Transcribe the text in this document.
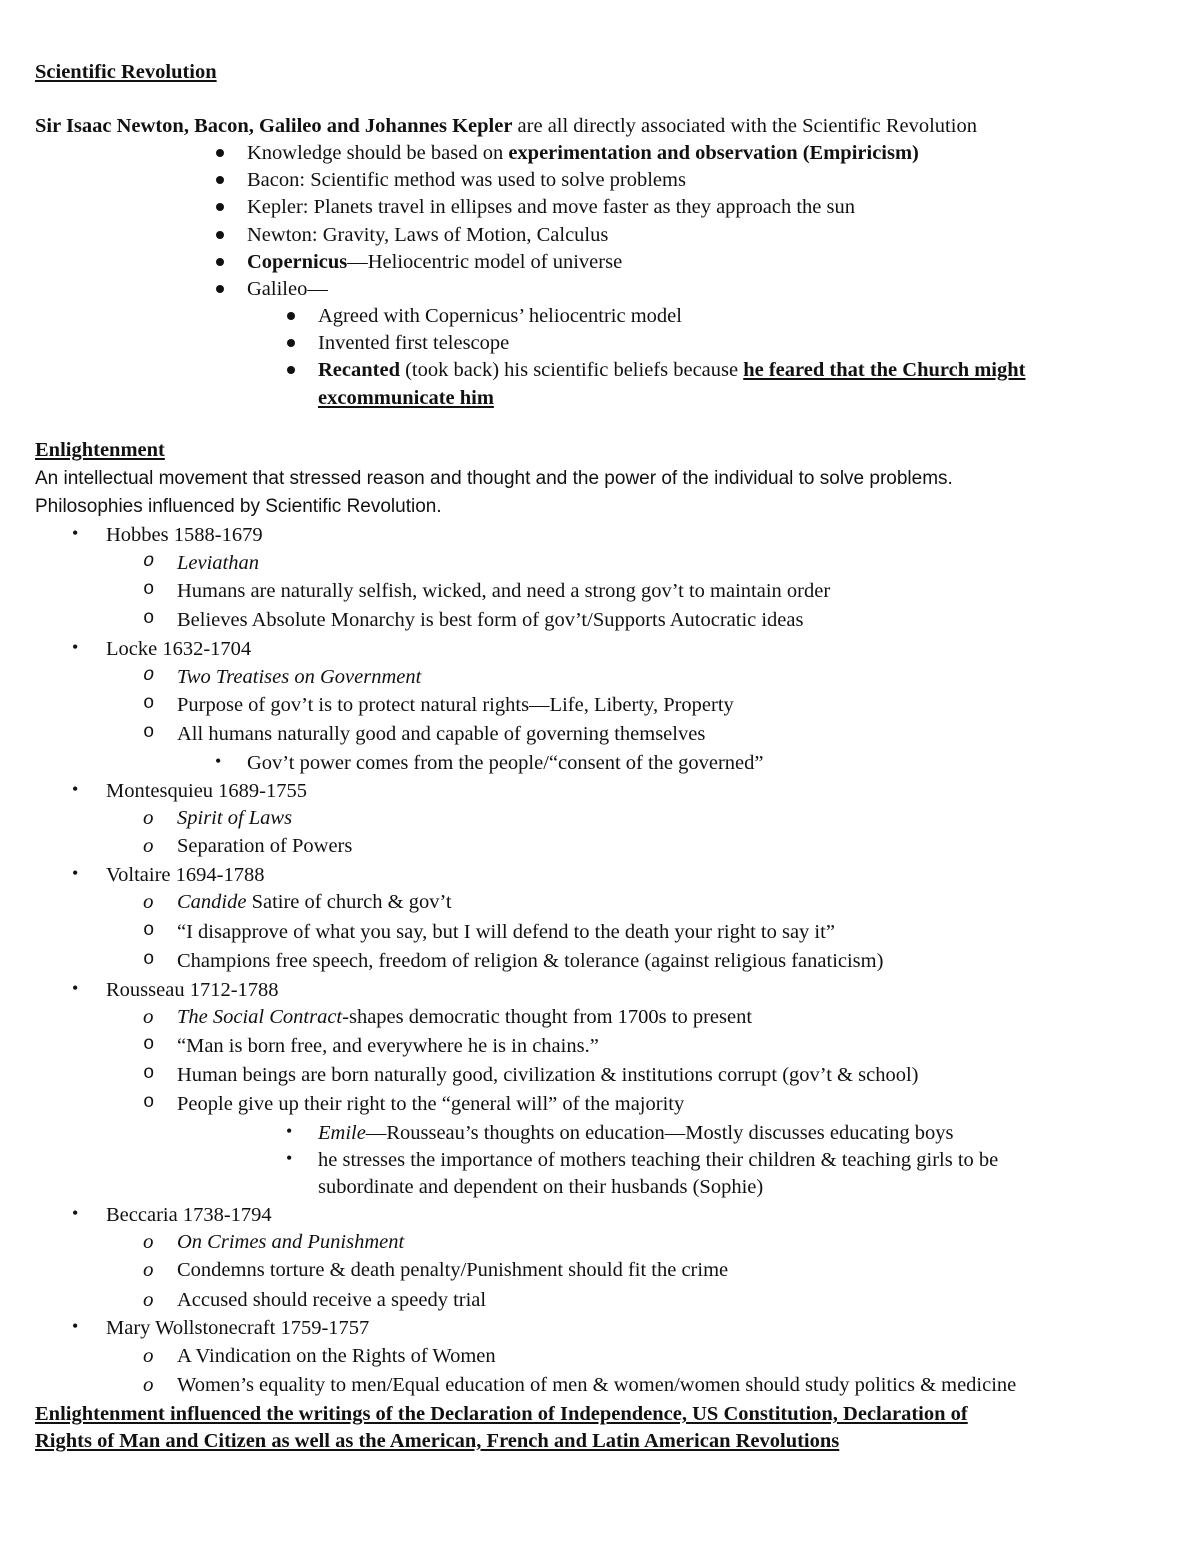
Scientific Revolution
Sir Isaac Newton, Bacon, Galileo and Johannes Kepler are all directly associated with the Scientific Revolution
Knowledge should be based on experimentation and observation (Empiricism)
Bacon: Scientific method was used to solve problems
Kepler: Planets travel in ellipses and move faster as they approach the sun
Newton: Gravity, Laws of Motion, Calculus
Copernicus—Heliocentric model of universe
Galileo—
Agreed with Copernicus’ heliocentric model
Invented first telescope
Recanted (took back) his scientific beliefs because he feared that the Church might
excommunicate him
Enlightenment
An intellectual movement that stressed reason and thought and the power of the individual to solve problems.
Philosophies influenced by Scientific Revolution.
• Hobbes 1588-1679
o Leviathan
o Humans are naturally selfish, wicked, and need a strong gov’t to maintain order
o Believes Absolute Monarchy is best form of gov’t/Supports Autocratic ideas
• Locke 1632-1704
o Two Treatises on Government
o Purpose of gov’t is to protect natural rights—Life, Liberty, Property
o All humans naturally good and capable of governing themselves
• Gov’t power comes from the people/“consent of the governed”
• Montesquieu 1689-1755
o Spirit of Laws
o Separation of Powers
• Voltaire 1694-1788
o Candide Satire of church & gov’t
o “I disapprove of what you say, but I will defend to the death your right to say it”
o Champions free speech, freedom of religion & tolerance (against religious fanaticism)
• Rousseau 1712-1788
o The Social Contract-shapes democratic thought from 1700s to present
o “Man is born free, and everywhere he is in chains.”
o Human beings are born naturally good, civilization & institutions corrupt (gov’t & school)
o People give up their right to the “general will” of the majority
• Emile—Rousseau’s thoughts on education—Mostly discusses educating boys
• he stresses the importance of mothers teaching their children & teaching girls to be
subordinate and dependent on their husbands (Sophie)
• Beccaria 1738-1794
o On Crimes and Punishment
o Condemns torture & death penalty/Punishment should fit the crime
o Accused should receive a speedy trial
• Mary Wollstonecraft 1759-1757
o A Vindication on the Rights of Women
o Women’s equality to men/Equal education of men & women/women should study politics & medicine
Enlightenment influenced the writings of the Declaration of Independence, US Constitution, Declaration of
Rights of Man and Citizen as well as the American, French and Latin American Revolutions
